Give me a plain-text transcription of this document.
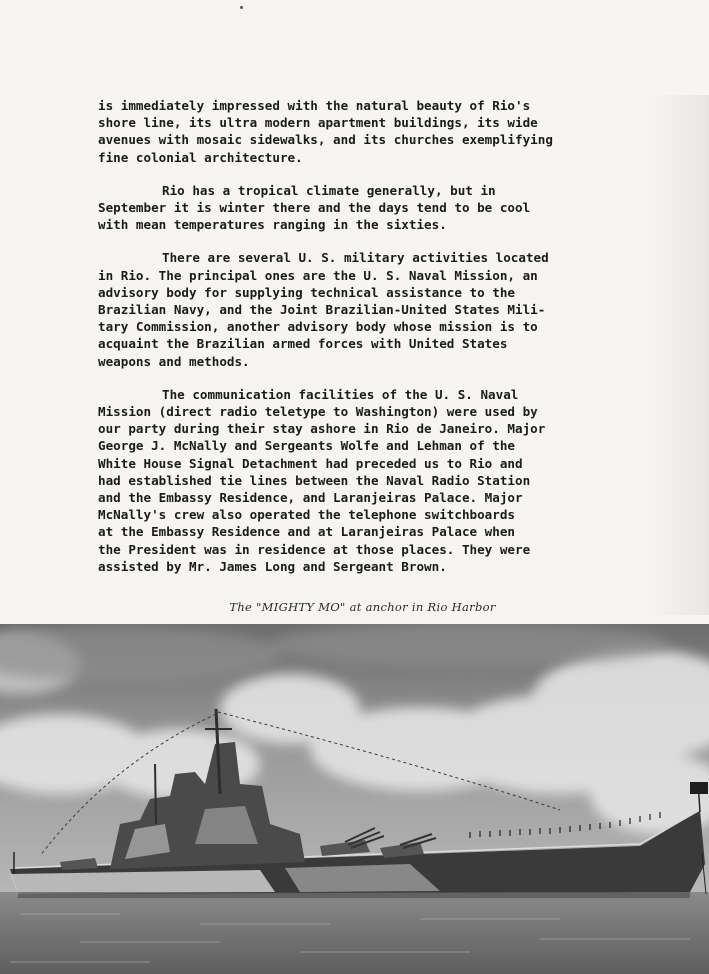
is immediately impressed with the natural beauty of Rio's
shore line, its ultra modern apartment buildings, its wide
avenues with mosaic sidewalks, and its churches exemplifying
fine colonial architecture.

Rio has a tropical climate generally, but in
September it is winter there and the days tend to be cool
with mean temperatures ranging in the sixties.

There are several U. S. military activities located
in Rio. The principal ones are the U. S. Naval Mission, an
advisory body for supplying technical assistance to the
Brazilian Navy, and the Joint Brazilian-United States Mili-
tary Commission, another advisory body whose mission is to
acquaint the Brazilian armed forces with United States
weapons and methods.

The communication facilities of the U. S. Naval
Mission (direct radio teletype to Washington) were used by
our party during their stay ashore in Rio de Janeiro. Major
George J. McNally and Sergeants Wolfe and Lehman of the
White House Signal Detachment had preceded us to Rio and
had established tie lines between the Naval Radio Station
and the Embassy Residence, and Laranjeiras Palace. Major
McNally's crew also operated the telephone switchboards
at the Embassy Residence and at Laranjeiras Palace when
the President was in residence at those places. They were
assisted by Mr. James Long and Sergeant Brown.

The "MIGHTY MO" at anchor in Rio Harbor
